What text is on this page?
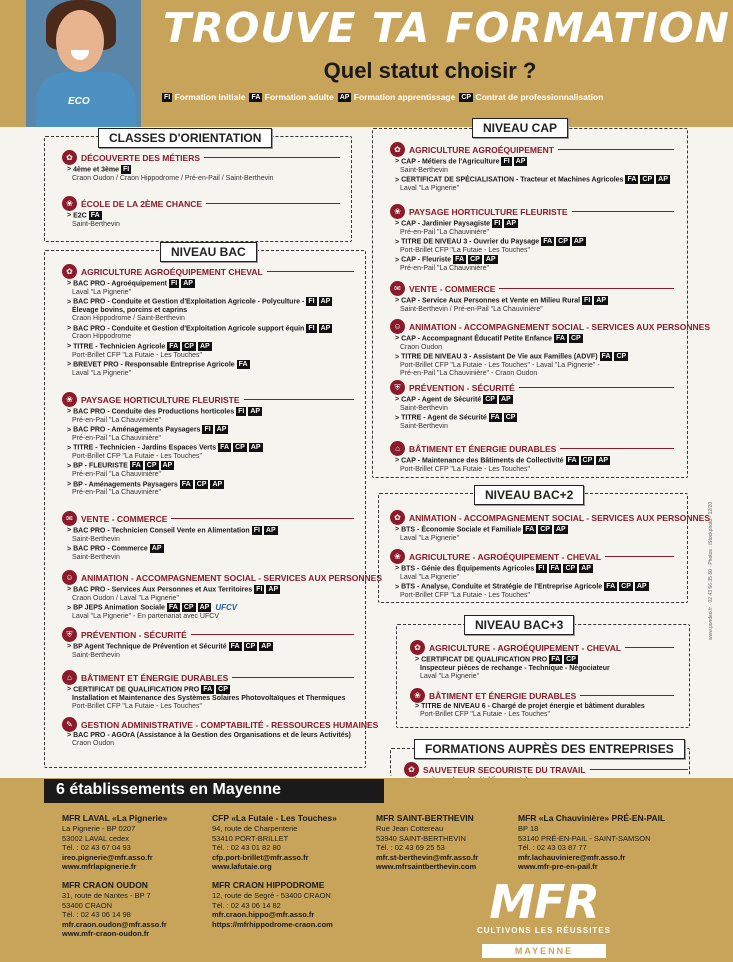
ECO
TROUVE TA FORMATION
Quel statut choisir ?
FI Formation initiale FA Formation adulte AP Formation apprentissage CP Contrat de professionnalisation
CLASSES D'ORIENTATION
✿ DÉCOUVERTE DES MÉTIERS
> 4ème et 3ème FI
Craon Oudon / Craon Hippodrome / Pré-en-Pail / Saint-Berthevin
❀ ÉCOLE DE LA 2ÈME CHANCE
> E2C FA
Saint-Berthevin
NIVEAU BAC
✿ AGRICULTURE AGROÉQUIPEMENT CHEVAL
> BAC PRO - Agroéquipement FI AP
Laval "La Pignerie"
> BAC PRO - Conduite et Gestion d'Exploitation Agricole - Polyculture - FI AP
Élevage bovins, porcins et caprins
Craon Hippodrome / Saint-Berthevin
> BAC PRO - Conduite et Gestion d'Exploitation Agricole support équin FI AP
Craon Hippodrome
> TITRE - Technicien Agricole FA CP AP
Port-Brillet CFP "La Futaie - Les Touches"
> BREVET PRO - Responsable Entreprise Agricole FA
Laval "La Pignerie"
❀ PAYSAGE HORTICULTURE FLEURISTE
> BAC PRO - Conduite des Productions horticoles FI AP
Pré-en-Pail "La Chauvinière"
> BAC PRO - Aménagements Paysagers FI AP
Pré-en-Pail "La Chauvinière"
> TITRE - Technicien - Jardins Espaces Verts FA CP AP
Port-Brillet CFP "La Futaie - Les Touches"
> BP - FLEURISTE FA CP AP
Pré-en-Pail "La Chauvinière"
> BP - Aménagements Paysagers FA CP AP
Pré-en-Pail "La Chauvinière"
✉ VENTE - COMMERCE
> BAC PRO - Technicien Conseil Vente en Alimentation FI AP
Saint-Berthevin
> BAC PRO - Commerce AP
Saint-Berthevin
☺ ANIMATION - ACCOMPAGNEMENT SOCIAL - SERVICES AUX PERSONNES
> BAC PRO - Services Aux Personnes et Aux Territoires FI AP
Craon Oudon / Laval "La Pignerie"
> BP JEPS Animation Sociale FA CP AP UFCV
Laval "La Pignerie" - En partenariat avec UFCV
⛨	PRÉVENTION - SÉCURITÉ
> BP Agent Technique de Prévention et Sécurité FA CP AP
Saint-Berthevin
⌂	BÂTIMENT ET ÉNERGIE DURABLES
> CERTIFICAT DE QUALIFICATION PRO FA CP
Installation et Maintenance des Systèmes Solaires Photovoltaïques et Thermiques
Port-Brillet CFP "La Futaie - Les Touches"
✎ GESTION ADMINISTRATIVE - COMPTABILITÉ - RESSOURCES HUMAINES
> BAC PRO - AGOrA (Assistance à la Gestion des Organisations et de leurs Activités)
Craon Oudon
NIVEAU CAP
✿ AGRICULTURE AGROÉQUIPEMENT
> CAP - Métiers de l'Agriculture FI AP
Saint-Berthevin
> CERTIFICAT DE SPÉCIALISATION - Tracteur et Machines Agricoles FA CP AP
Laval "La Pignerie"
❀ PAYSAGE HORTICULTURE FLEURISTE
> CAP - Jardinier Paysagiste FI AP
Pré-en-Pail "La Chauvinière"
> TITRE DE NIVEAU 3 - Ouvrier du Paysage FA CP AP
Port-Brillet CFP "La Futaie - Les Touches"
> CAP - Fleuriste FA CP AP
Pré-en-Pail "La Chauvinière"
✉ VENTE - COMMERCE
> CAP - Service Aux Personnes et Vente en Milieu Rural FI AP
Saint-Berthevin / Pré-en-Pail "La Chauvinière"
☺ ANIMATION - ACCOMPAGNEMENT SOCIAL - SERVICES AUX PERSONNES
> CAP - Accompagnant Éducatif Petite Enfance FA CP
Craon Oudon
> TITRE DE NIVEAU 3 - Assistant De Vie aux Familles (ADVF) FA CP
Port-Brillet CFP "La Futaie - Les Touches" - Laval "La Pignerie" -
Pré-en-Pail "La Chauvinière" - Craon Oudon
⛨	PRÉVENTION - SÉCURITÉ
> CAP - Agent de Sécurité CP AP
Saint-Berthevin
> TITRE - Agent de Sécurité FA CP
Saint-Berthevin
⌂	BÂTIMENT ET ÉNERGIE DURABLES
> CAP - Maintenance des Bâtiments de Collectivité FA CP AP
Port-Brillet CFP "La Futaie - Les Touches"
NIVEAU BAC+2
✿ ANIMATION - ACCOMPAGNEMENT SOCIAL - SERVICES AUX PERSONNES
> BTS - Économie Sociale et Familiale FA CP AP
Laval "La Pignerie"
❀ AGRICULTURE - AGROÉQUIPEMENT - CHEVAL
> BTS - Génie des Équipements Agricoles FI FA CP AP
Laval "La Pignerie"
> BTS - Analyse, Conduite et Stratégie de l'Entreprise Agricole FA CP AP
Port-Brillet CFP "La Futaie - Les Touches"
NIVEAU BAC+3
✿ AGRICULTURE - AGROÉQUIPEMENT - CHEVAL
> CERTIFICAT DE QUALIFICATION PRO FA CP
Inspecteur pièces de rechange - Technique - Négociateur
Laval "La Pignerie"
❀ BÂTIMENT ET ÉNERGIE DURABLES
> TITRE de NIVEAU 6 - Chargé de projet énergie et bâtiment durables
Port-Brillet CFP "La Futaie - Les Touches"
FORMATIONS AUPRÈS DES ENTREPRISES
✿ SAUVETEUR SECOURISTE DU TRAVAIL
www.pondeo.fr · 02 43 56 35 80 · Photos : iStockphoto - 12/20
6 établissements en Mayenne
MFR LAVAL «La Pignerie»
La Pignerie - BP 0207
53002 LAVAL cedex
Tél. : 02 43 67 04 93
ireo.pignerie@mfr.asso.fr
www.mfrlapignerie.fr
CFP «La Futaie - Les Touches»
94, route de Charpenterie
53410 PORT-BRILLET
Tél. : 02 43 01 82 80
cfp.port-brillet@mfr.asso.fr
www.lafutaie.org
MFR SAINT-BERTHEVIN
Rue Jean Cottereau
53940 SAINT-BERTHEVIN
Tél. : 02 43 69 25 53
mfr.st-berthevin@mfr.asso.fr
www.mfrsaintberthevin.com
MFR «La Chauvinière» PRÉ-EN-PAIL
BP 18
53140 PRÉ-EN-PAIL - SAINT-SAMSON
Tél. : 02 43 03 87 77
mfr.lachauviniere@mfr.asso.fr
www.mfr-pre-en-pail.fr
MFR CRAON OUDON
31, route de Nantes - BP 7
53400 CRAON
Tél. : 02 43 06 14 98
mfr.craon.oudon@mfr.asso.fr
www.mfr-craon-oudon.fr
MFR CRAON HIPPODROME
12, route de Segré - 53400 CRAON
Tél. : 02 43 06 14 82
mfr.craon.hippo@mfr.asso.fr
https://mfrhippodrome-craon.com	MFR
CULTIVONS LES RÉUSSITES
MAYENNE
